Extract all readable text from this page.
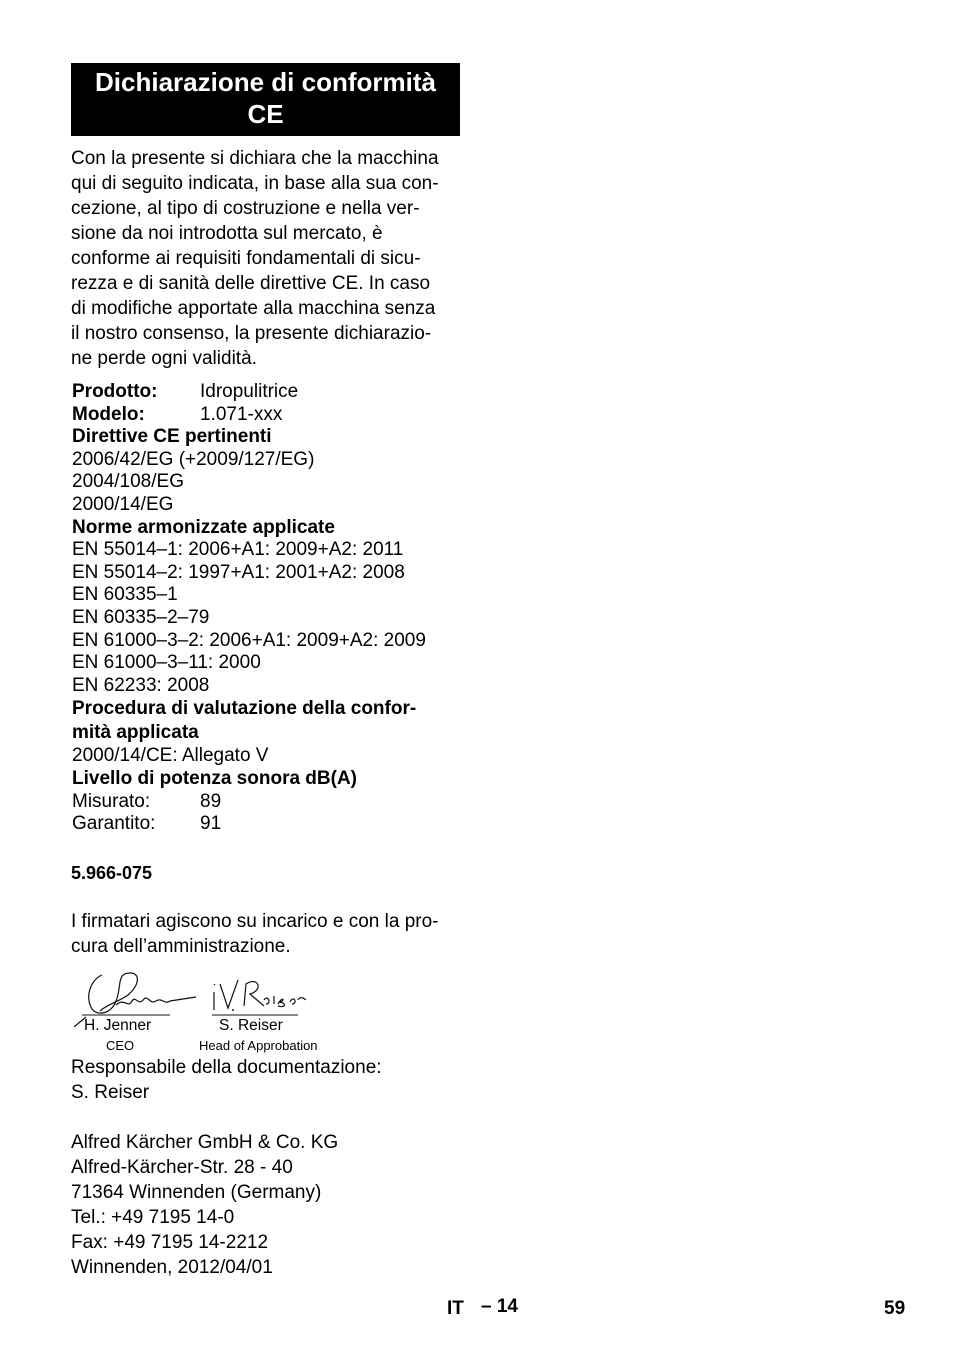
Dichiarazione di conformità
CE
Con la presente si dichiara che la macchina
qui di seguito indicata, in base alla sua con-
cezione, al tipo di costruzione e nella ver-
sione da noi introdotta sul mercato, è
conforme ai requisiti fondamentali di sicu-
rezza e di sanità delle direttive CE. In caso
di modifiche apportate alla macchina senza
il nostro consenso, la presente dichiarazio-
ne perde ogni validità.
Prodotto:	Idropulitrice
Modelo:	1.071-xxx
Direttive CE pertinenti
2006/42/EG (+2009/127/EG)
2004/108/EG
2000/14/EG
Norme armonizzate applicate
EN 55014–1: 2006+A1: 2009+A2: 2011
EN 55014–2: 1997+A1: 2001+A2: 2008
EN 60335–1
EN 60335–2–79
EN 61000–3–2: 2006+A1: 2009+A2: 2009
EN 61000–3–11: 2000
EN 62233: 2008
Procedura di valutazione della confor-
mità applicata
2000/14/CE: Allegato V
Livello di potenza sonora dB(A)
Misurato:	89
Garantito:	91
5.966-075
I firmatari agiscono su incarico e con la pro-
cura dell’amministrazione.
H. Jenner
CEO
S. Reiser
Head of Approbation
Responsabile della documentazione:
S. Reiser
Alfred Kärcher GmbH & Co. KG
Alfred-Kärcher-Str. 28 - 40
71364 Winnenden (Germany)
Tel.: +49 7195 14-0
Fax: +49 7195 14-2212
Winnenden, 2012/04/01
IT – 14	59
